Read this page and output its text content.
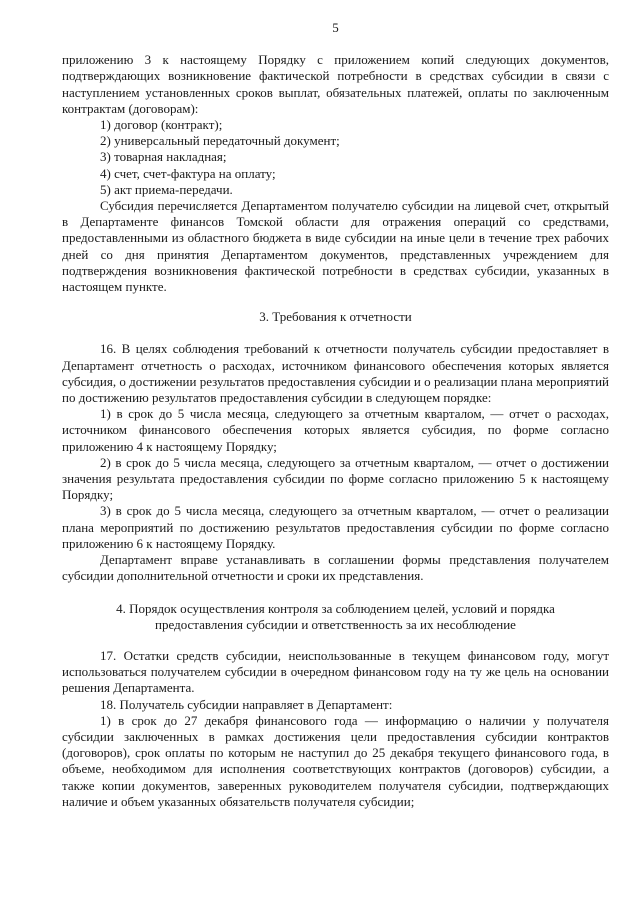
5

приложению 3 к настоящему Порядку с приложением копий следующих документов, подтверждающих возникновение фактической потребности в средствах субсидии в связи с наступлением установленных сроков выплат, обязательных платежей, оплаты по заключенным контрактам (договорам):

1) договор (контракт);

2) универсальный передаточный документ;

3) товарная накладная;

4) счет, счет-фактура на оплату;

5) акт приема-передачи.

Субсидия перечисляется Департаментом получателю субсидии на лицевой счет, открытый в Департаменте финансов Томской области для отражения операций со средствами, предоставленными из областного бюджета в виде субсидии на иные цели в течение трех рабочих дней со дня принятия Департаментом документов, представленных учреждением для подтверждения возникновения фактической потребности в средствах субсидии, указанных в настоящем пункте.

3. Требования к отчетности

16. В целях соблюдения требований к отчетности получатель субсидии предоставляет в Департамент отчетность о расходах, источником финансового обеспечения которых является субсидия, о достижении результатов предоставления субсидии и о реализации плана мероприятий по достижению результатов предоставления субсидии в следующем порядке:

1) в срок до 5 числа месяца, следующего за отчетным кварталом, — отчет о расходах, источником финансового обеспечения которых является субсидия, по форме согласно приложению 4 к настоящему Порядку;

2) в срок до 5 числа месяца, следующего за отчетным кварталом, — отчет о достижении значения результата предоставления субсидии по форме согласно приложению 5 к настоящему Порядку;

3) в срок до 5 числа месяца, следующего за отчетным кварталом, — отчет о реализации плана мероприятий по достижению результатов предоставления субсидии по форме согласно приложению 6 к настоящему Порядку.

Департамент вправе устанавливать в соглашении формы представления получателем субсидии дополнительной отчетности и сроки их представления.

4. Порядок осуществления контроля за соблюдением целей, условий и порядка
предоставления субсидии и ответственность за их несоблюдение

17. Остатки средств субсидии, неиспользованные в текущем финансовом году, могут использоваться получателем субсидии в очередном финансовом году на ту же цель на основании решения Департамента.

18. Получатель субсидии направляет в Департамент:

1) в срок до 27 декабря финансового года — информацию о наличии у получателя субсидии заключенных в рамках достижения цели предоставления субсидии контрактов (договоров), срок оплаты по которым не наступил до 25 декабря текущего финансового года, в объеме, необходимом для исполнения соответствующих контрактов (договоров) субсидии, а также копии документов, заверенных руководителем получателя субсидии, подтверждающих наличие и объем указанных обязательств получателя субсидии;
